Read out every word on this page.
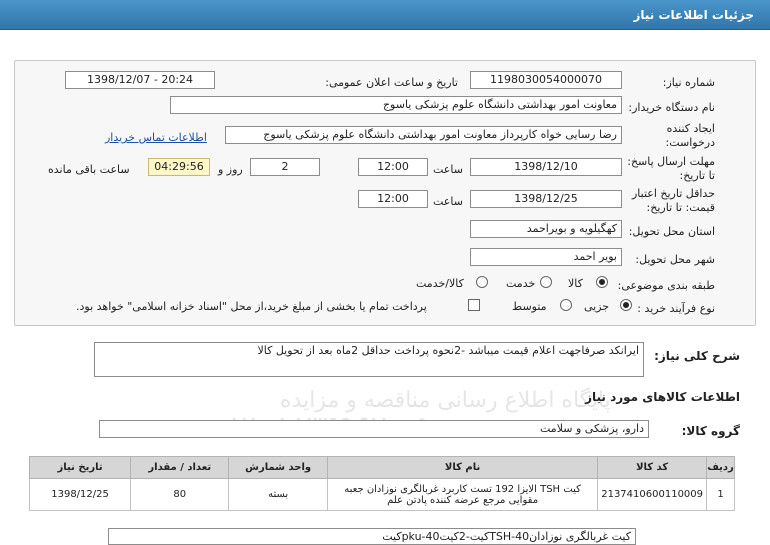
جزئیات اطلاعات نیاز
پایگاه اطلاع رسانی مناقصه و مزایده
شماره نیاز:
1198030054000070
تاریخ و ساعت اعلان عمومی:
1398/12/07 - 20:24
نام دستگاه خریدار:
معاونت امور بهداشتی دانشگاه علوم پزشکی یاسوج
ایجاد کننده
درخواست:
رضا رسایی خواه کارپرداز معاونت امور بهداشتی دانشگاه علوم پزشکی یاسوج
اطلاعات تماس خریدار
مهلت ارسال پاسخ:
تا تاریخ:
1398/12/10
ساعت
12:00
2
روز و
04:29:56
ساعت باقی مانده
حداقل تاریخ اعتبار
قیمت: تا تاریخ:
1398/12/25
ساعت
12:00
استان محل تحویل:
کهگیلویه و بویراحمد
شهر محل تحویل:
بویر احمد
طبقه بندی موضوعی:
کالا
خدمت
کالا/خدمت
نوع فرآیند خرید :
جزیی
متوسط
پرداخت تمام یا بخشی از مبلغ خرید،از محل "اسناد خزانه اسلامی" خواهد بود.
شرح کلی نیاز:
ایرانکد صرفاجهت اعلام قیمت میباشد -2نحوه پرداخت حداقل 2ماه بعد از تحویل کالا
اطلاعات کالاهای مورد نیاز
گروه کالا:
دارو، پزشکی و سلامت
ردیف	کد کالا	نام کالا	واحد شمارش	تعداد / مقدار	تاریخ نیاز
1	2137410600110009	کیت TSH الایزا 192 تست کاربرد غربالگری نوزادان جعبه مقوایی مرجع عرضه کننده پادتن علم	بسته	80	1398/12/25
کیت غربالگری نوزادانTSH-40کیت-2کیتpku-40کیت
